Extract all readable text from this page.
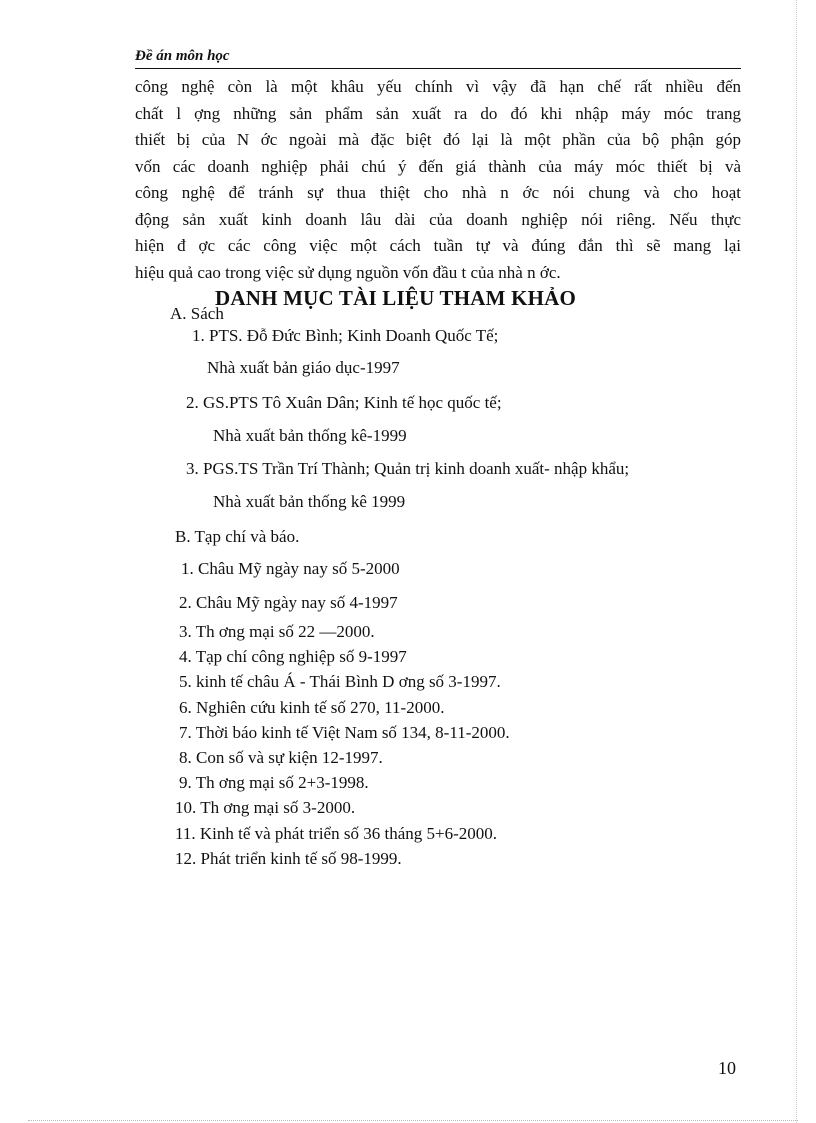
Đề án môn học
công nghệ còn là một khâu yếu chính vì vậy đã hạn chế rất nhiều đến
chất l ợng những sản phẩm sản xuất ra do đó khi nhập máy móc trang
thiết bị của N ớc ngoài mà đặc biệt đó lại là một phần của bộ phận góp
vốn các doanh nghiệp phải chú ý đến giá thành của máy móc thiết bị và
công nghệ để tránh sự thua thiệt cho nhà n ớc nói chung và cho hoạt
động sản xuất kinh doanh lâu dài của doanh nghiệp nói riêng. Nếu thực
hiện đ ợc các công việc một cách tuần tự và đúng đắn thì sẽ mang lại
hiệu quả cao trong việc sử dụng nguồn vốn đầu t của nhà n ớc.
DANH MỤC TÀI LIỆU THAM KHẢO
A. Sách
1. PTS. Đỗ Đức Bình; Kinh Doanh Quốc Tế;
Nhà xuất bản giáo dục-1997
2. GS.PTS Tô Xuân Dân; Kinh tế học quốc tế;
Nhà xuất bản thống kê-1999
3. PGS.TS Trần Trí Thành; Quản trị kinh doanh xuất- nhập khẩu;
Nhà xuất bản thống kê 1999
B. Tạp chí và báo.
1. Châu Mỹ ngày nay số 5-2000
2. Châu Mỹ ngày nay số 4-1997
3. Th ơng mại số 22 —2000.
4. Tạp chí công nghiệp số 9-1997
5. kinh tế châu Á - Thái Bình D ơng số 3-1997.
6. Nghiên cứu kinh tế số 270, 11-2000.
7. Thời báo kinh tế Việt Nam số 134, 8-11-2000.
8. Con số và sự kiện 12-1997.
9. Th ơng mại số 2+3-1998.
10. Th ơng mại số 3-2000.
11. Kinh tế và phát triển số 36 tháng 5+6-2000.
12. Phát triển kinh tế số 98-1999.
10
